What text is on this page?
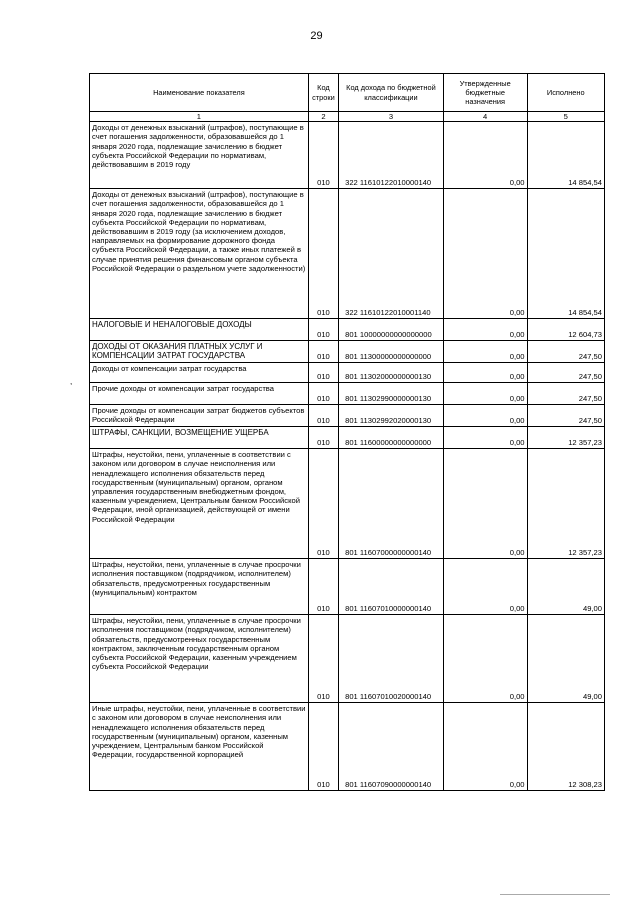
29
,
Наименование показателя	Код строки	Код дохода по бюджетной классификации	Утвержденные бюджетные назначения	Исполнено
1	2	3	4	5
Доходы от денежных взысканий (штрафов), поступающие в счет погашения задолженности, образовавшейся до 1 января 2020 года, подлежащие зачислению в бюджет субъекта Российской Федерации по нормативам, действовавшим в 2019 году	010	322 11610122010000140	0,00	14 854,54
Доходы от денежных взысканий (штрафов), поступающие в счет погашения задолженности, образовавшейся до 1 января 2020 года, подлежащие зачислению в бюджет субъекта Российской Федерации по нормативам, действовавшим в 2019 году (за исключением доходов, направляемых на формирование дорожного фонда субъекта Российской Федерации, а также иных платежей в случае принятия решения финансовым органом субъекта Российской Федерации о раздельном учете задолженности)	010	322 11610122010001140	0,00	14 854,54
НАЛОГОВЫЕ И НЕНАЛОГОВЫЕ ДОХОДЫ	010	801 10000000000000000	0,00	12 604,73
ДОХОДЫ ОТ ОКАЗАНИЯ ПЛАТНЫХ УСЛУГ И КОМПЕНСАЦИИ ЗАТРАТ ГОСУДАРСТВА	010	801 11300000000000000	0,00	247,50
Доходы от компенсации затрат государства	010	801 11302000000000130	0,00	247,50
Прочие доходы от компенсации затрат государства	010	801 11302990000000130	0,00	247,50
Прочие доходы от компенсации затрат бюджетов субъектов Российской Федерации	010	801 11302992020000130	0,00	247,50
ШТРАФЫ, САНКЦИИ, ВОЗМЕЩЕНИЕ УЩЕРБА	010	801 11600000000000000	0,00	12 357,23
Штрафы, неустойки, пени, уплаченные в соответствии с законом или договором в случае неисполнения или ненадлежащего исполнения обязательств перед государственным (муниципальным) органом, органом управления государственным внебюджетным фондом, казенным учреждением, Центральным банком Российской Федерации, иной организацией, действующей от имени Российской Федерации	010	801 11607000000000140	0,00	12 357,23
Штрафы, неустойки, пени, уплаченные в случае просрочки исполнения поставщиком (подрядчиком, исполнителем) обязательств, предусмотренных государственным (муниципальным) контрактом	010	801 11607010000000140	0,00	49,00
Штрафы, неустойки, пени, уплаченные в случае просрочки исполнения поставщиком (подрядчиком, исполнителем) обязательств, предусмотренных государственным контрактом, заключенным государственным органом субъекта Российской Федерации, казенным учреждением субъекта Российской Федерации	010	801 11607010020000140	0,00	49,00
Иные штрафы, неустойки, пени, уплаченные в соответствии с законом или договором в случае неисполнения или ненадлежащего исполнения обязательств перед государственным (муниципальным) органом, казенным учреждением, Центральным банком Российской Федерации, государственной корпорацией	010	801 11607090000000140	0,00	12 308,23
